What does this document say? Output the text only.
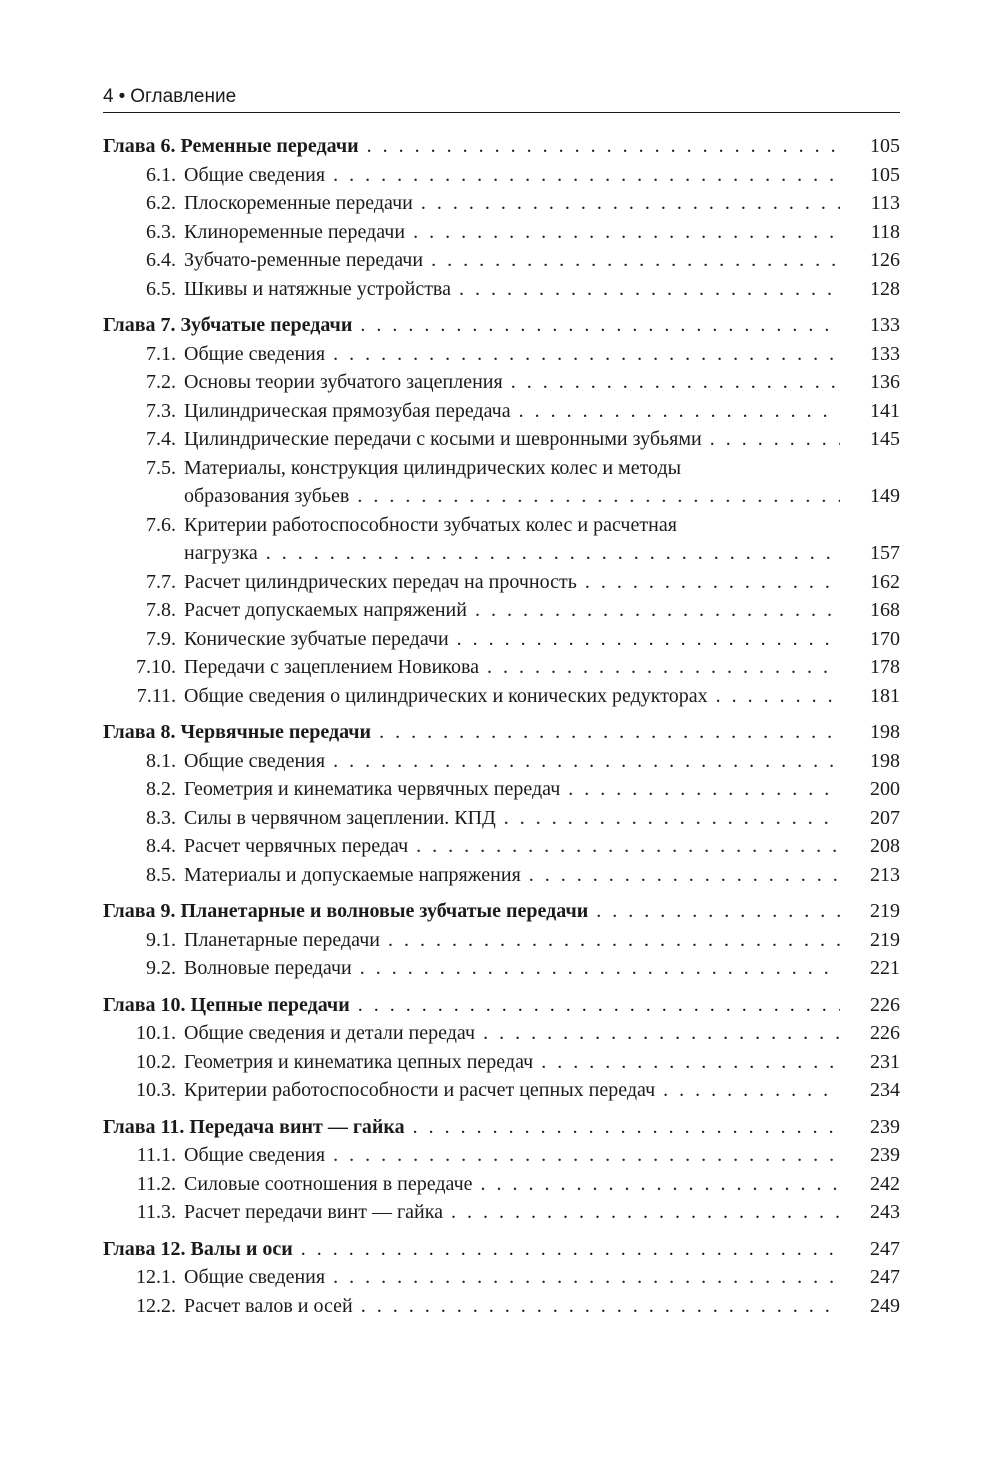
4 • Оглавление
Глава 6. Ременные передачи . . .	105
6.1. Общие сведения . . .	105
6.2. Плоскоременные передачи . . .	113
6.3. Клиноременные передачи . . .	118
6.4. Зубчато-ременные передачи . . .	126
6.5. Шкивы и натяжные устройства . . .	128
Глава 7. Зубчатые передачи . . .	133
7.1. Общие сведения . . .	133
7.2. Основы теории зубчатого зацепления . . .	136
7.3. Цилиндрическая прямозубая передача . . .	141
7.4. Цилиндрические передачи с косыми и шевронными зубьями . . .	145
7.5. Материалы, конструкция цилиндрических колес и методы
образования зубьев . . .	149
7.6. Критерии работоспособности зубчатых колес и расчетная
нагрузка . . .	157
7.7. Расчет цилиндрических передач на прочность . . .	162
7.8. Расчет допускаемых напряжений . . .	168
7.9. Конические зубчатые передачи . . .	170
7.10. Передачи с зацеплением Новикова . . .	178
7.11. Общие сведения о цилиндрических и конических редукторах . . .	181
Глава 8. Червячные передачи . . .	198
8.1. Общие сведения . . .	198
8.2. Геометрия и кинематика червячных передач . . .	200
8.3. Силы в червячном зацеплении. КПД . . .	207
8.4. Расчет червячных передач . . .	208
8.5. Материалы и допускаемые напряжения . . .	213
Глава 9. Планетарные и волновые зубчатые передачи . . .	219
9.1. Планетарные передачи . . .	219
9.2. Волновые передачи . . .	221
Глава 10. Цепные передачи . . .	226
10.1. Общие сведения и детали передач . . .	226
10.2. Геометрия и кинематика цепных передач . . .	231
10.3. Критерии работоспособности и расчет цепных передач . . .	234
Глава 11. Передача винт — гайка . . .	239
11.1. Общие сведения . . .	239
11.2. Силовые соотношения в передаче . . .	242
11.3. Расчет передачи винт — гайка . . .	243
Глава 12. Валы и оси . . .	247
12.1. Общие сведения . . .	247
12.2. Расчет валов и осей . . .	249
